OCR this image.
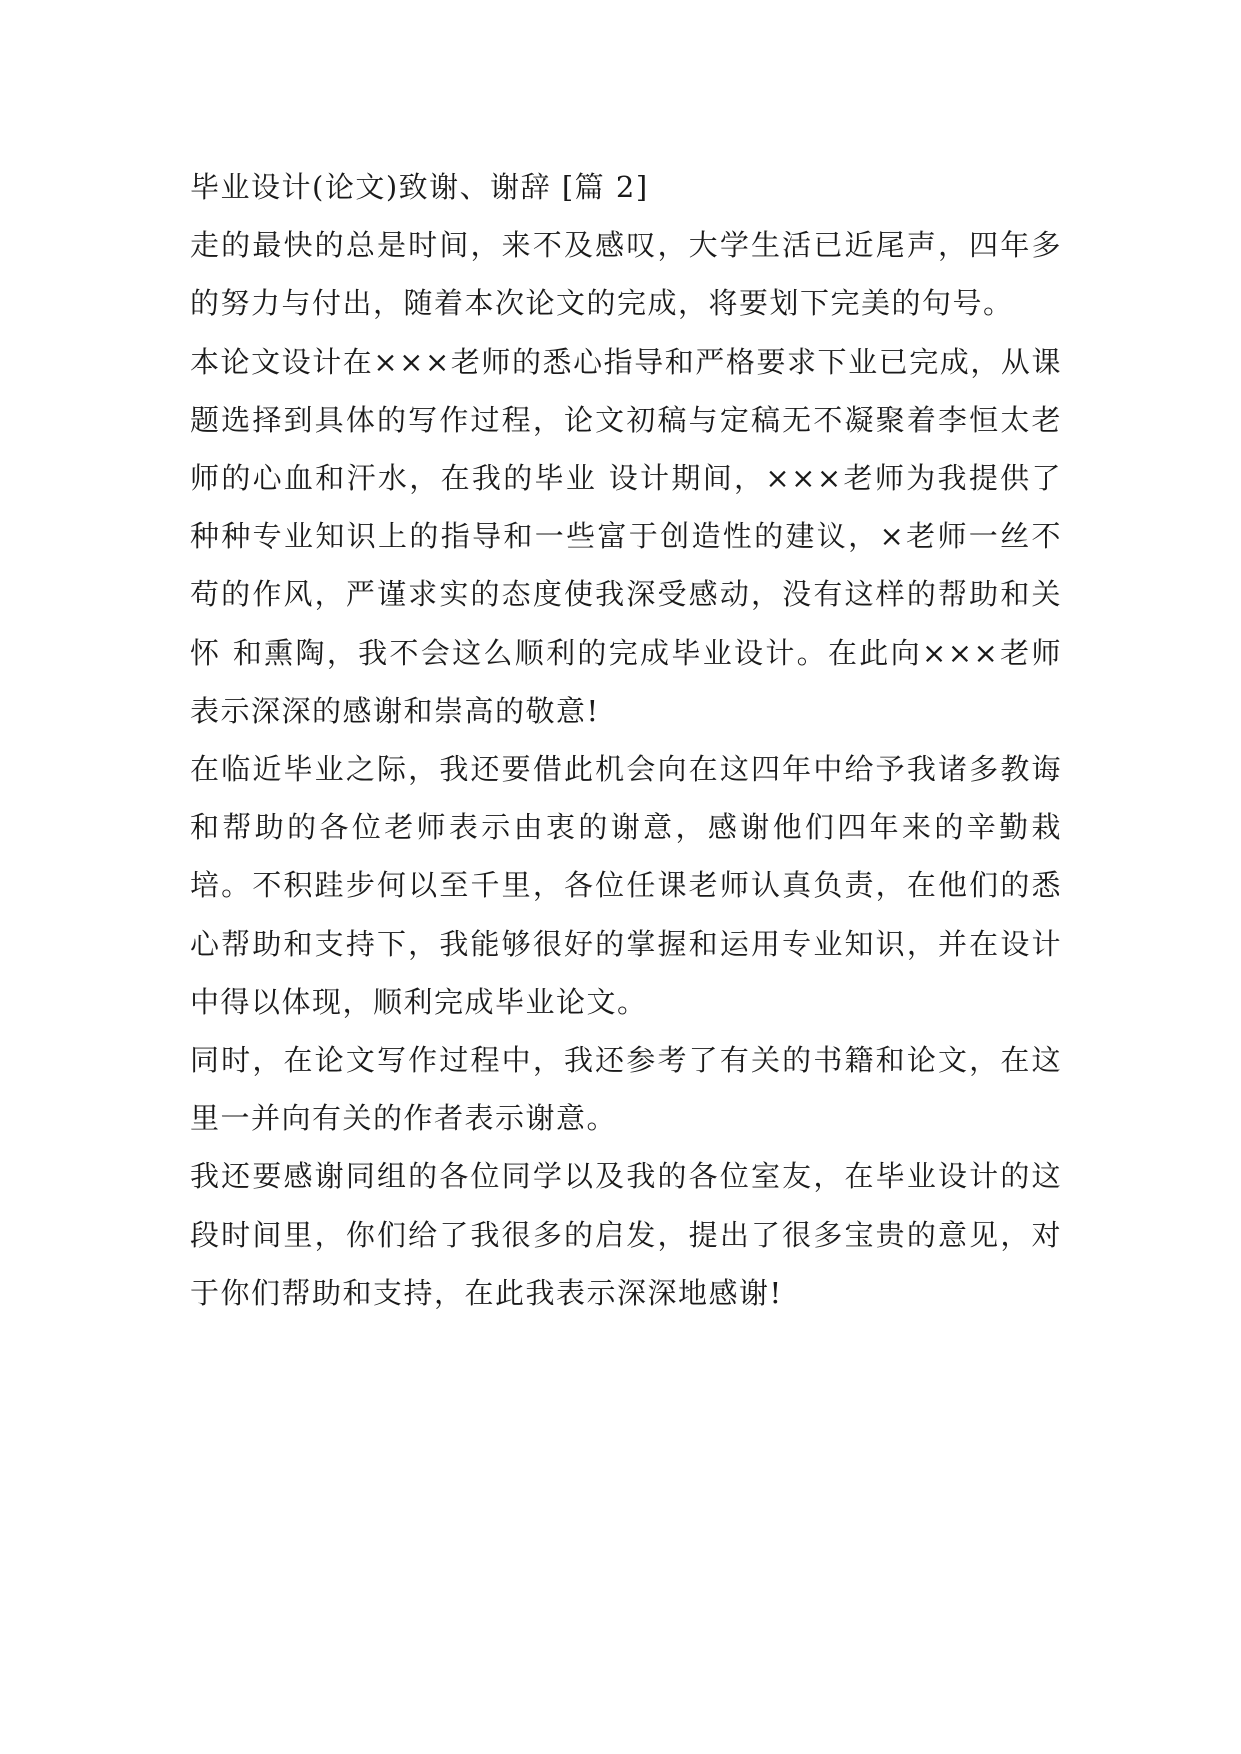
毕业设计(论文)致谢、谢辞 [篇 2]

走的最快的总是时间，来不及感叹，大学生活已近尾声，四年多的努力与付出，随着本次论文的完成，将要划下完美的句号。

本论文设计在×××老师的悉心指导和严格要求下业已完成，从课题选择到具体的写作过程，论文初稿与定稿无不凝聚着李恒太老师的心血和汗水，在我的毕业 设计期间，×××老师为我提供了种种专业知识上的指导和一些富于创造性的建议，×老师一丝不苟的作风，严谨求实的态度使我深受感动，没有这样的帮助和关怀 和熏陶，我不会这么顺利的完成毕业设计。在此向×××老师表示深深的感谢和崇高的敬意!

在临近毕业之际，我还要借此机会向在这四年中给予我诸多教诲和帮助的各位老师表示由衷的谢意，感谢他们四年来的辛勤栽培。不积跬步何以至千里，各位任课老师认真负责，在他们的悉心帮助和支持下，我能够很好的掌握和运用专业知识，并在设计中得以体现，顺利完成毕业论文。

同时，在论文写作过程中，我还参考了有关的书籍和论文，在这里一并向有关的作者表示谢意。

我还要感谢同组的各位同学以及我的各位室友，在毕业设计的这段时间里，你们给了我很多的启发，提出了很多宝贵的意见，对于你们帮助和支持，在此我表示深深地感谢!
